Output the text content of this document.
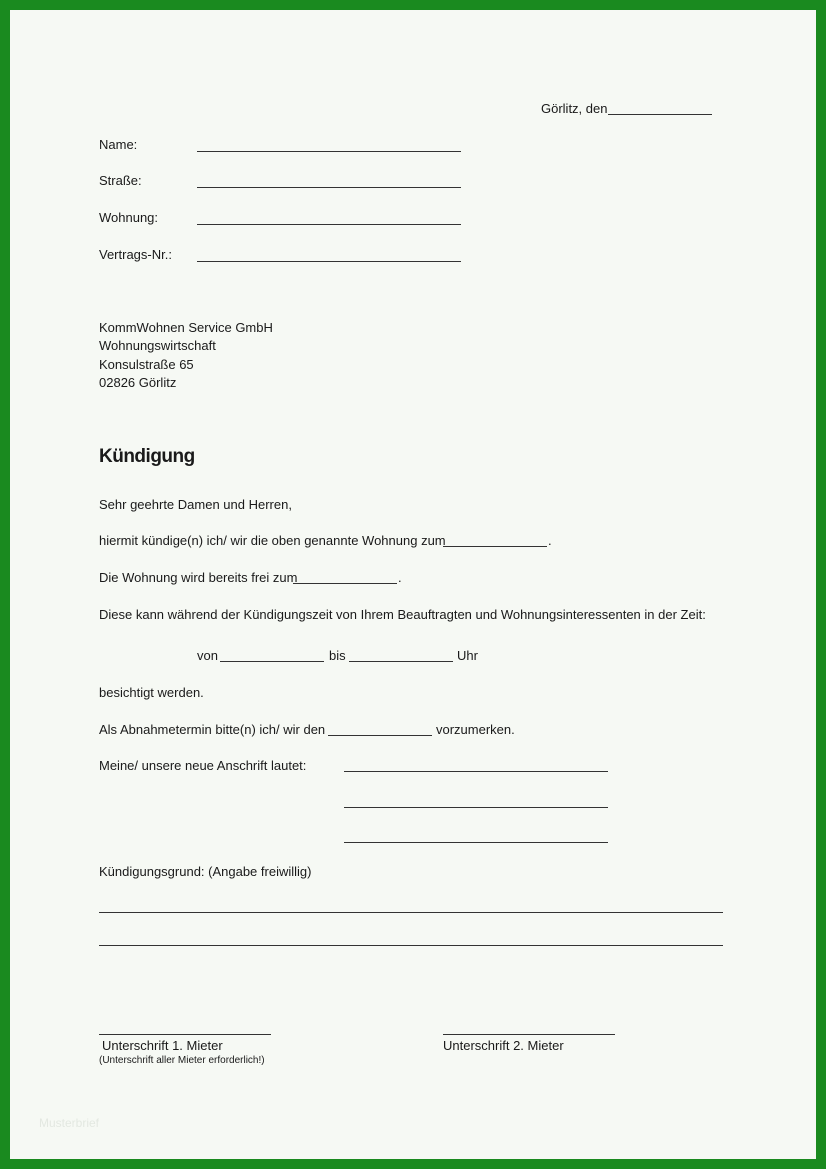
Görlitz, den
Name:
Straße:
Wohnung:
Vertrags-Nr.:
KommWohnen Service GmbH
Wohnungswirtschaft
Konsulstraße 65
02826 Görlitz
Kündigung
Sehr geehrte Damen und Herren,
hiermit kündige(n) ich/ wir die oben genannte Wohnung zum	.
Die Wohnung wird bereits frei zum	.
Diese kann während der Kündigungszeit von Ihrem Beauftragten und Wohnungsinteressenten in der Zeit:
von	bis	Uhr
besichtigt werden.
Als Abnahmetermin bitte(n) ich/ wir den	vorzumerken.
Meine/ unsere neue Anschrift lautet:
Kündigungsgrund: (Angabe freiwillig)
Unterschrift 1. Mieter
(Unterschrift aller Mieter erforderlich!)
Unterschrift 2. Mieter
Musterbrief
